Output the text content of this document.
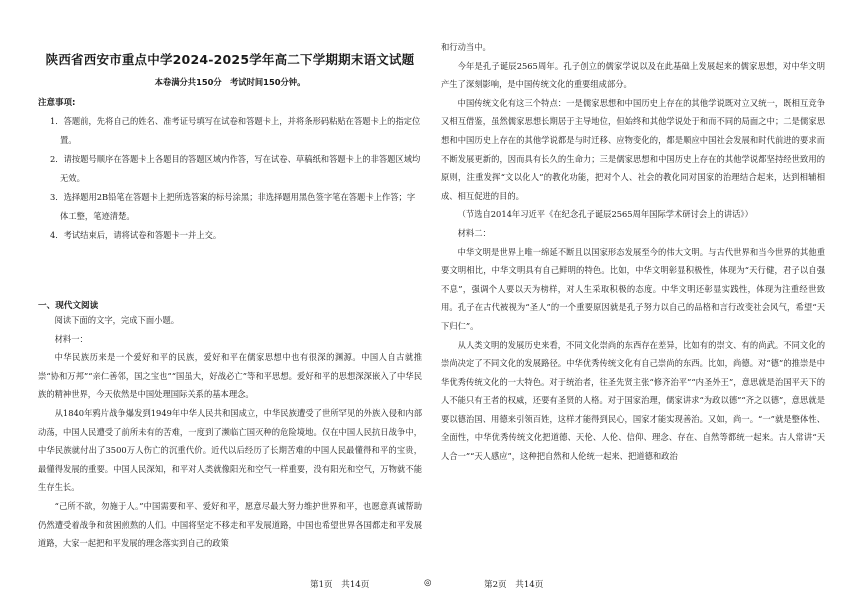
陕西省西安市重点中学2024-2025学年高二下学期期末语文试题
本卷满分共150分　考试时间150分钟。
注意事项:
1．答题前，先将自己的姓名、准考证号填写在试卷和答题卡上，并将条形码粘贴在答题卡上的指定位置。
2．请按题号顺序在答题卡上各题目的答题区域内作答，写在试卷、草稿纸和答题卡上的非答题区域均无效。
3．选择题用2B铅笔在答题卡上把所选答案的标号涂黑；非选择题用黑色签字笔在答题卡上作答；字体工整，笔迹清楚。
4．考试结束后，请将试卷和答题卡一并上交。
一、现代文阅读

阅读下面的文字，完成下面小题。

材料一：

中华民族历来是一个爱好和平的民族，爱好和平在儒家思想中也有很深的渊源。中国人自古就推崇“协和万邦”“亲仁善邻，国之宝也”“国虽大，好战必亡”等和平思想。爱好和平的思想深深嵌入了中华民族的精神世界，今天依然是中国处理国际关系的基本理念。

从1840年鸦片战争爆发到1949年中华人民共和国成立，中华民族遭受了世所罕见的外族入侵和内部动荡，中国人民遭受了前所未有的苦难，一度到了濒临亡国灭种的危险境地。仅在中国人民抗日战争中，中华民族就付出了3500万人伤亡的沉重代价。近代以后经历了长期苦难的中国人民最懂得和平的宝贵，最懂得发展的重要。中国人民深知，和平对人类就像阳光和空气一样重要，没有阳光和空气，万物就不能生存生长。

“己所不欲，勿施于人。”中国需要和平、爱好和平，愿意尽最大努力维护世界和平，也愿意真诚帮助仍然遭受着战争和贫困煎熬的人们。中国将坚定不移走和平发展道路，中国也希望世界各国都走和平发展道路，大家一起把和平发展的理念落实到自己的政策

和行动当中。

今年是孔子诞辰2565周年。孔子创立的儒家学说以及在此基础上发展起来的儒家思想，对中华文明产生了深刻影响，是中国传统文化的重要组成部分。

中国传统文化有这三个特点：一是儒家思想和中国历史上存在的其他学说既对立又统一，既相互竞争又相互借鉴，虽然儒家思想长期居于主导地位，但始终和其他学说处于和而不同的局面之中；二是儒家思想和中国历史上存在的其他学说都是与时迁移、应物变化的，都是顺应中国社会发展和时代前进的要求而不断发展更新的，因而具有长久的生命力；三是儒家思想和中国历史上存在的其他学说都坚持经世致用的原则，注重发挥“文以化人”的教化功能，把对个人、社会的教化同对国家的治理结合起来，达到相辅相成、相互促进的目的。

（节选自2014年习近平《在纪念孔子诞辰2565周年国际学术研讨会上的讲话》）

材料二：

中华文明是世界上唯一绵延不断且以国家形态发展至今的伟大文明。与古代世界和当今世界的其他重要文明相比，中华文明具有自己鲜明的特色。比如，中华文明彰显积极性，体现为“天行健，君子以自强不息”，强调个人要以天为榜样，对人生采取积极的态度。中华文明还彰显实践性，体现为注重经世致用。孔子在古代被视为“圣人”的一个重要原因就是孔子努力以自己的品格和言行改变社会风气，希望“天下归仁”。

从人类文明的发展历史来看，不同文化崇尚的东西存在差异，比如有的崇文、有的尚武。不同文化的崇尚决定了不同文化的发展路径。中华优秀传统文化有自己崇尚的东西。比如，尚德。对“德”的推崇是中华优秀传统文化的一大特色。对于统治者，往圣先贤主张“修齐治平”“内圣外王”，意思就是治国平天下的人不能只有王者的权威，还要有圣贤的人格。对于国家治理，儒家讲求“为政以德”“齐之以德”，意思就是要以德治国、用德来引领百姓，这样才能得到民心，国家才能实现善治。又如，尚一。“一”就是整体性、全面性，中华优秀传统文化把道德、天伦、人伦、信仰、理念、存在、自然等都统一起来。古人常讲“天人合一”“天人感应”，这种把自然和人伦统一起来、把道德和政治

第1页　共14页	◎	第2页　共14页
